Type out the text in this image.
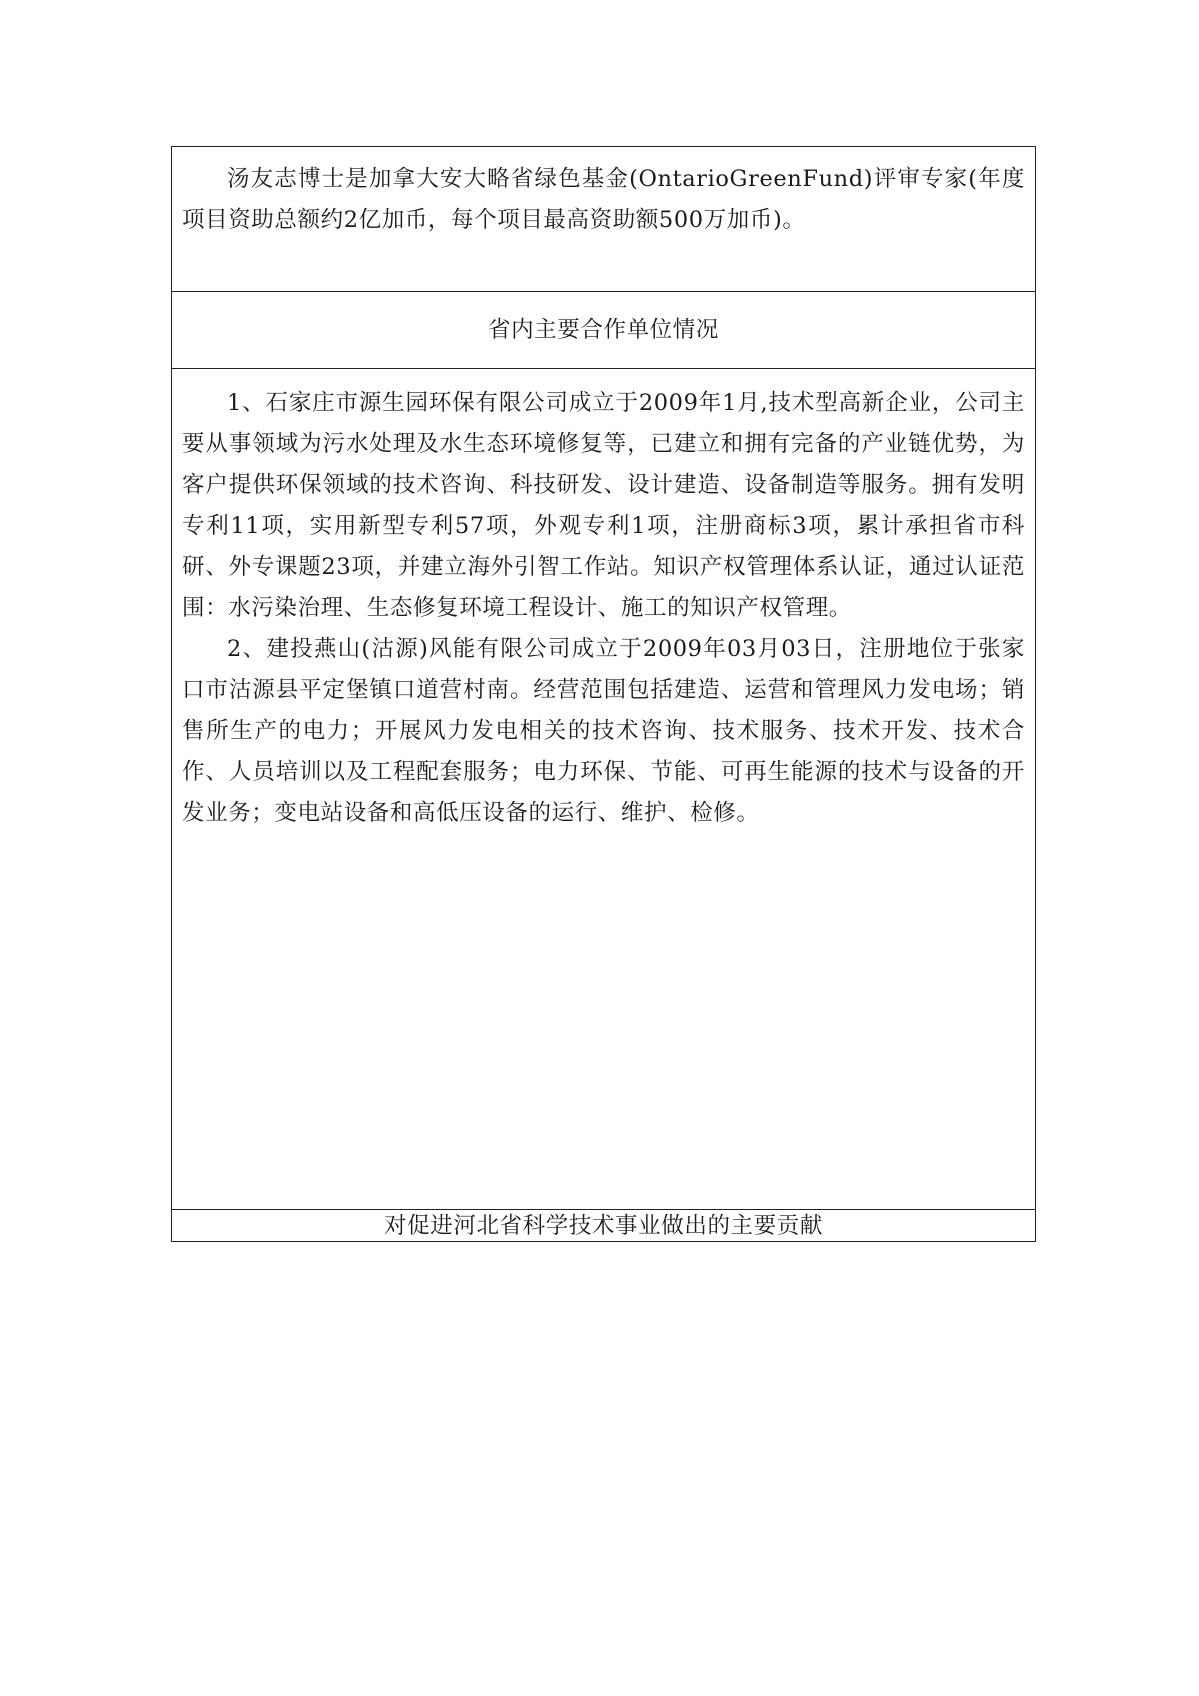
汤友志博士是加拿大安大略省绿色基金(OntarioGreenFund)评审专家(年度项目资助总额约2亿加币，每个项目最高资助额500万加币)。

省内主要合作单位情况

1、石家庄市源生园环保有限公司成立于2009年1月,技术型高新企业，公司主要从事领域为污水处理及水生态环境修复等，已建立和拥有完备的产业链优势，为客户提供环保领域的技术咨询、科技研发、设计建造、设备制造等服务。拥有发明专利11项，实用新型专利57项，外观专利1项，注册商标3项，累计承担省市科研、外专课题23项，并建立海外引智工作站。知识产权管理体系认证，通过认证范围：水污染治理、生态修复环境工程设计、施工的知识产权管理。

2、建投燕山(沽源)风能有限公司成立于2009年03月03日，注册地位于张家口市沽源县平定堡镇口道营村南。经营范围包括建造、运营和管理风力发电场；销售所生产的电力；开展风力发电相关的技术咨询、技术服务、技术开发、技术合作、人员培训以及工程配套服务；电力环保、节能、可再生能源的技术与设备的开发业务；变电站设备和高低压设备的运行、维护、检修。

对促进河北省科学技术事业做出的主要贡献
